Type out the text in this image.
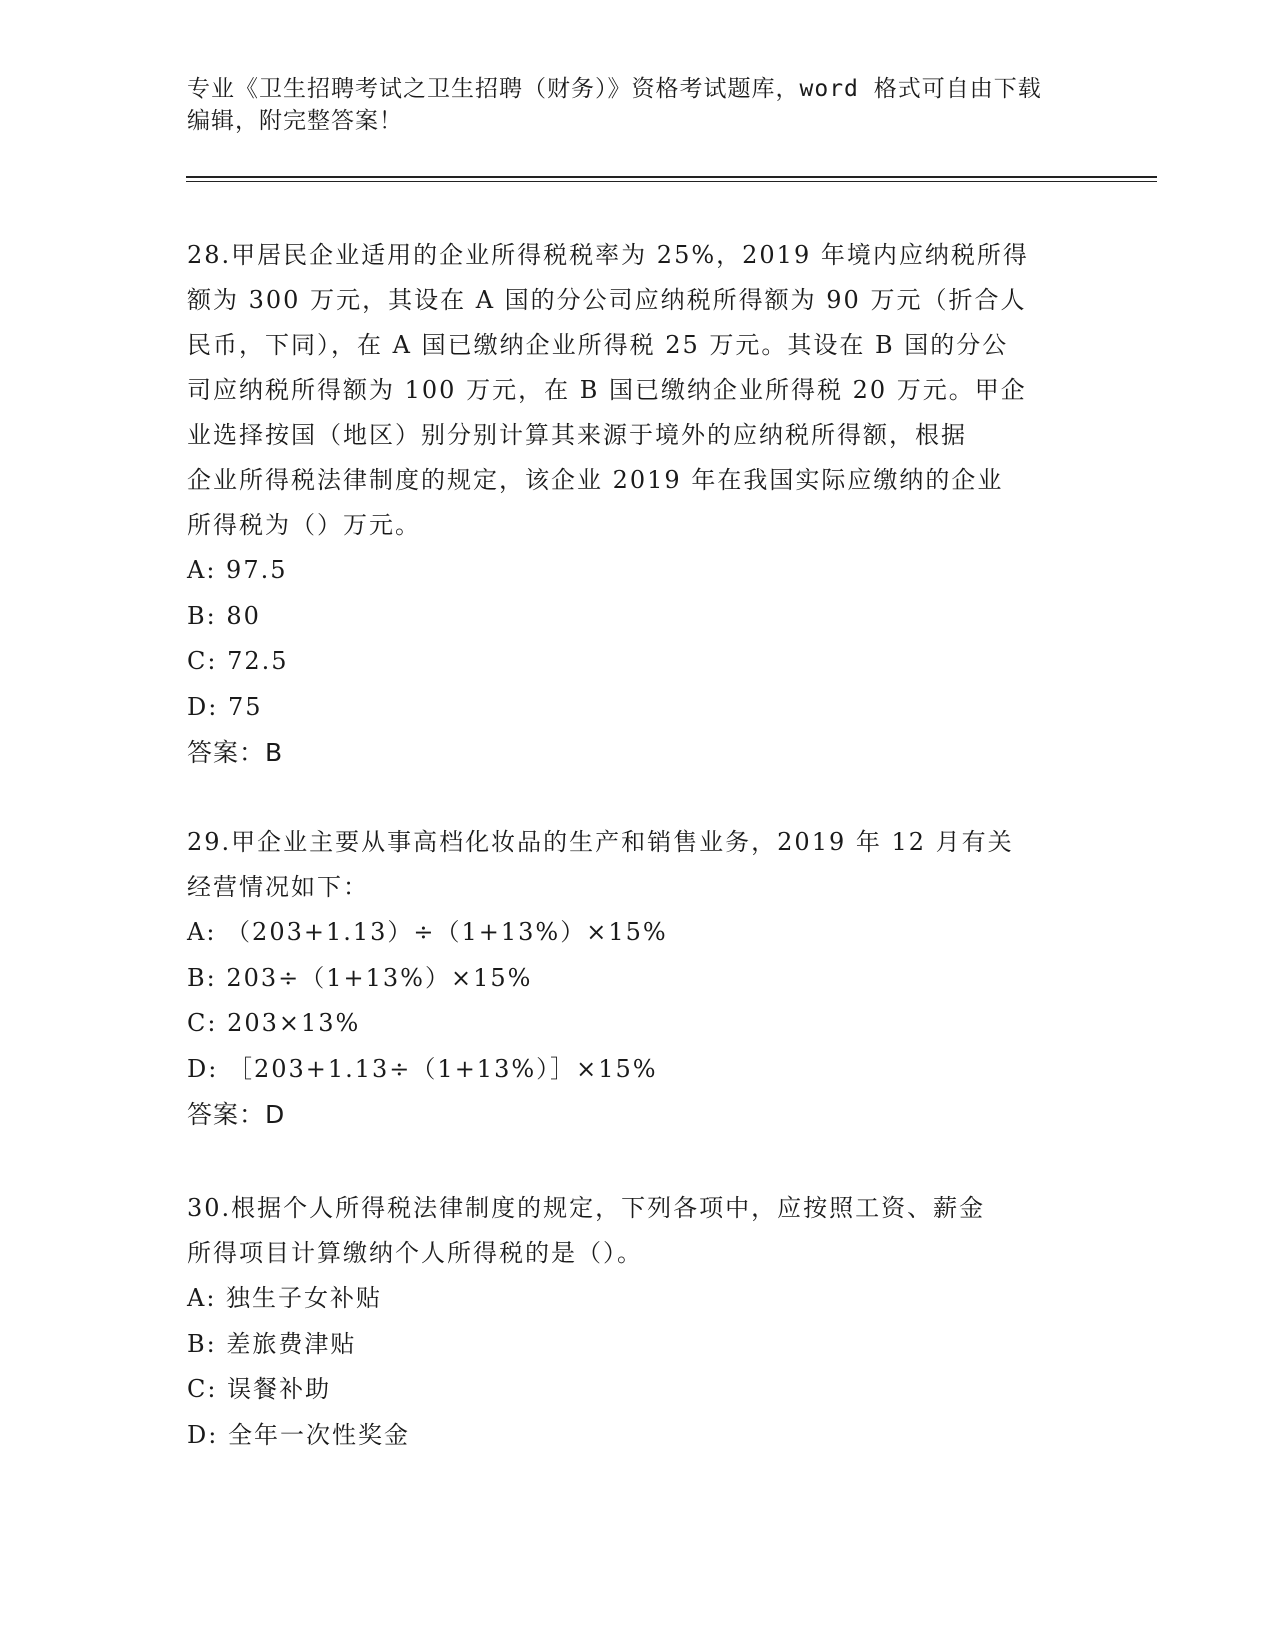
专业《卫生招聘考试之卫生招聘（财务）》资格考试题库，word 格式可自由下载
编辑，附完整答案！
28.甲居民企业适用的企业所得税税率为 25%，2019 年境内应纳税所得
额为 300 万元，其设在 A 国的分公司应纳税所得额为 90 万元（折合人
民币，下同），在 A 国已缴纳企业所得税 25 万元。其设在 B 国的分公
司应纳税所得额为 100 万元，在 B 国已缴纳企业所得税 20 万元。甲企
业选择按国（地区）别分别计算其来源于境外的应纳税所得额，根据
企业所得税法律制度的规定，该企业 2019 年在我国实际应缴纳的企业
所得税为（）万元。
A: 97.5
B: 80
C: 72.5
D: 75
答案：B
29.甲企业主要从事高档化妆品的生产和销售业务，2019 年 12 月有关
经营情况如下：
A: （203+1.13）÷（1+13%）×15%
B: 203÷（1+13%）×15%
C: 203×13%
D: ［203+1.13÷（1+13%）］×15%
答案：D
30.根据个人所得税法律制度的规定，下列各项中，应按照工资、薪金
所得项目计算缴纳个人所得税的是（）。
A: 独生子女补贴
B: 差旅费津贴
C: 误餐补助
D: 全年一次性奖金
